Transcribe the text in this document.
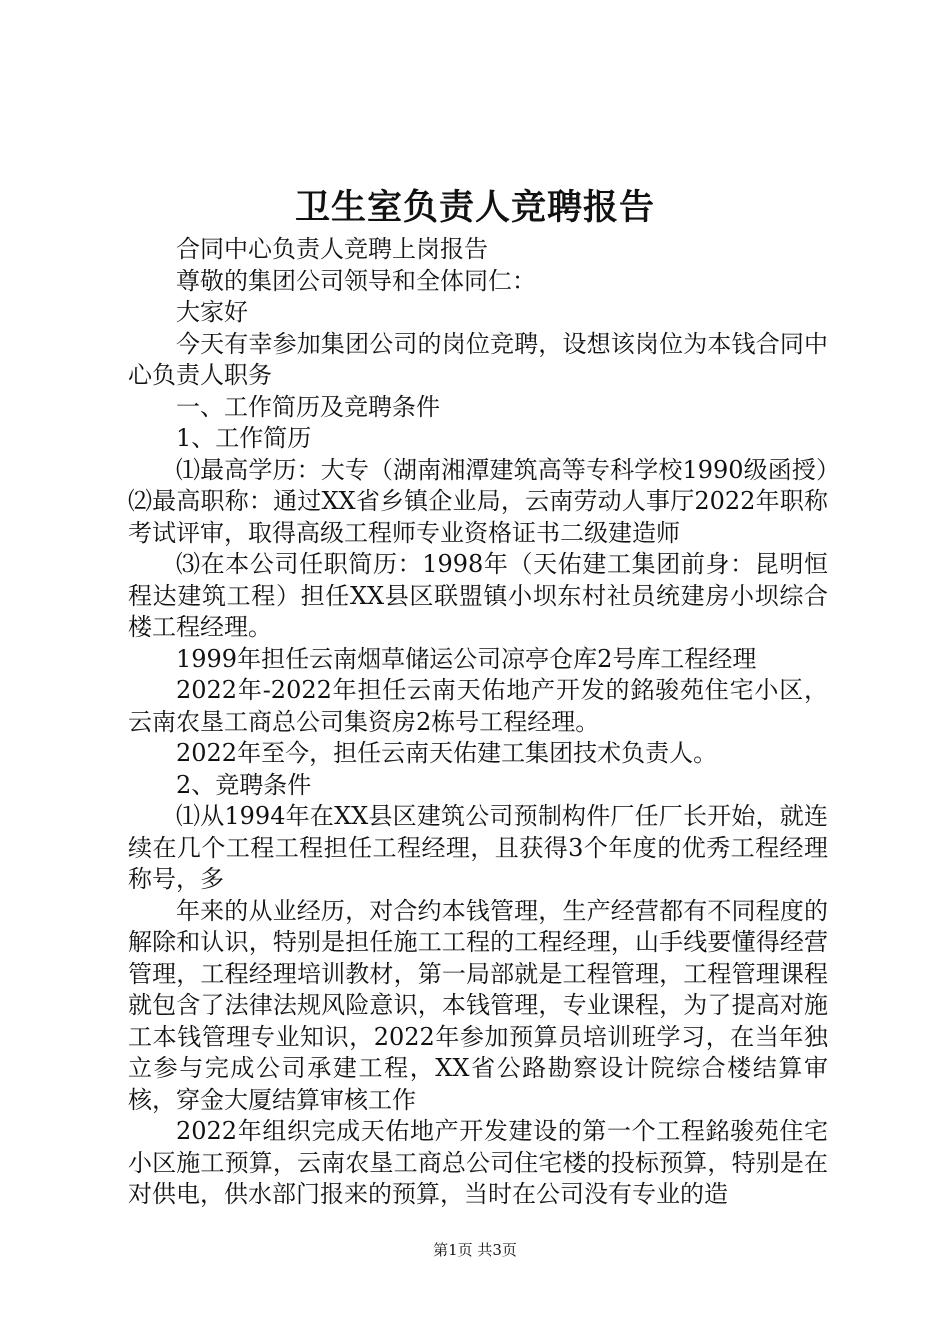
卫生室负责人竞聘报告

合同中心负责人竞聘上岗报告

尊敬的集团公司领导和全体同仁：

大家好

今天有幸参加集团公司的岗位竞聘，设想该岗位为本钱合同中心负责人职务

一、工作简历及竞聘条件

1、工作简历

⑴最高学历：大专（湖南湘潭建筑高等专科学校1990级函授）⑵最高职称：通过XX省乡镇企业局，云南劳动人事厅2022年职称考试评审，取得高级工程师专业资格证书二级建造师

⑶在本公司任职简历：1998年（天佑建工集团前身：昆明恒程达建筑工程）担任XX县区联盟镇小坝东村社员统建房小坝综合楼工程经理。

1999年担任云南烟草储运公司凉亭仓库2号库工程经理

2022年-2022年担任云南天佑地产开发的銘骏苑住宅小区，云南农垦工商总公司集资房2栋号工程经理。

2022年至今，担任云南天佑建工集团技术负责人。

2、竞聘条件

⑴从1994年在XX县区建筑公司预制构件厂任厂长开始，就连续在几个工程工程担任工程经理，且获得3个年度的优秀工程经理称号，多

年来的从业经历，对合约本钱管理，生产经营都有不同程度的解除和认识，特别是担任施工工程的工程经理，山手线要懂得经营管理，工程经理培训教材，第一局部就是工程管理，工程管理课程就包含了法律法规风险意识，本钱管理，专业课程，为了提高对施工本钱管理专业知识，2022年参加预算员培训班学习，在当年独立参与完成公司承建工程，XX省公路勘察设计院综合楼结算审核，穿金大厦结算审核工作

2022年组织完成天佑地产开发建设的第一个工程銘骏苑住宅小区施工预算，云南农垦工商总公司住宅楼的投标预算，特别是在对供电，供水部门报来的预算，当时在公司没有专业的造

第1页 共3页
